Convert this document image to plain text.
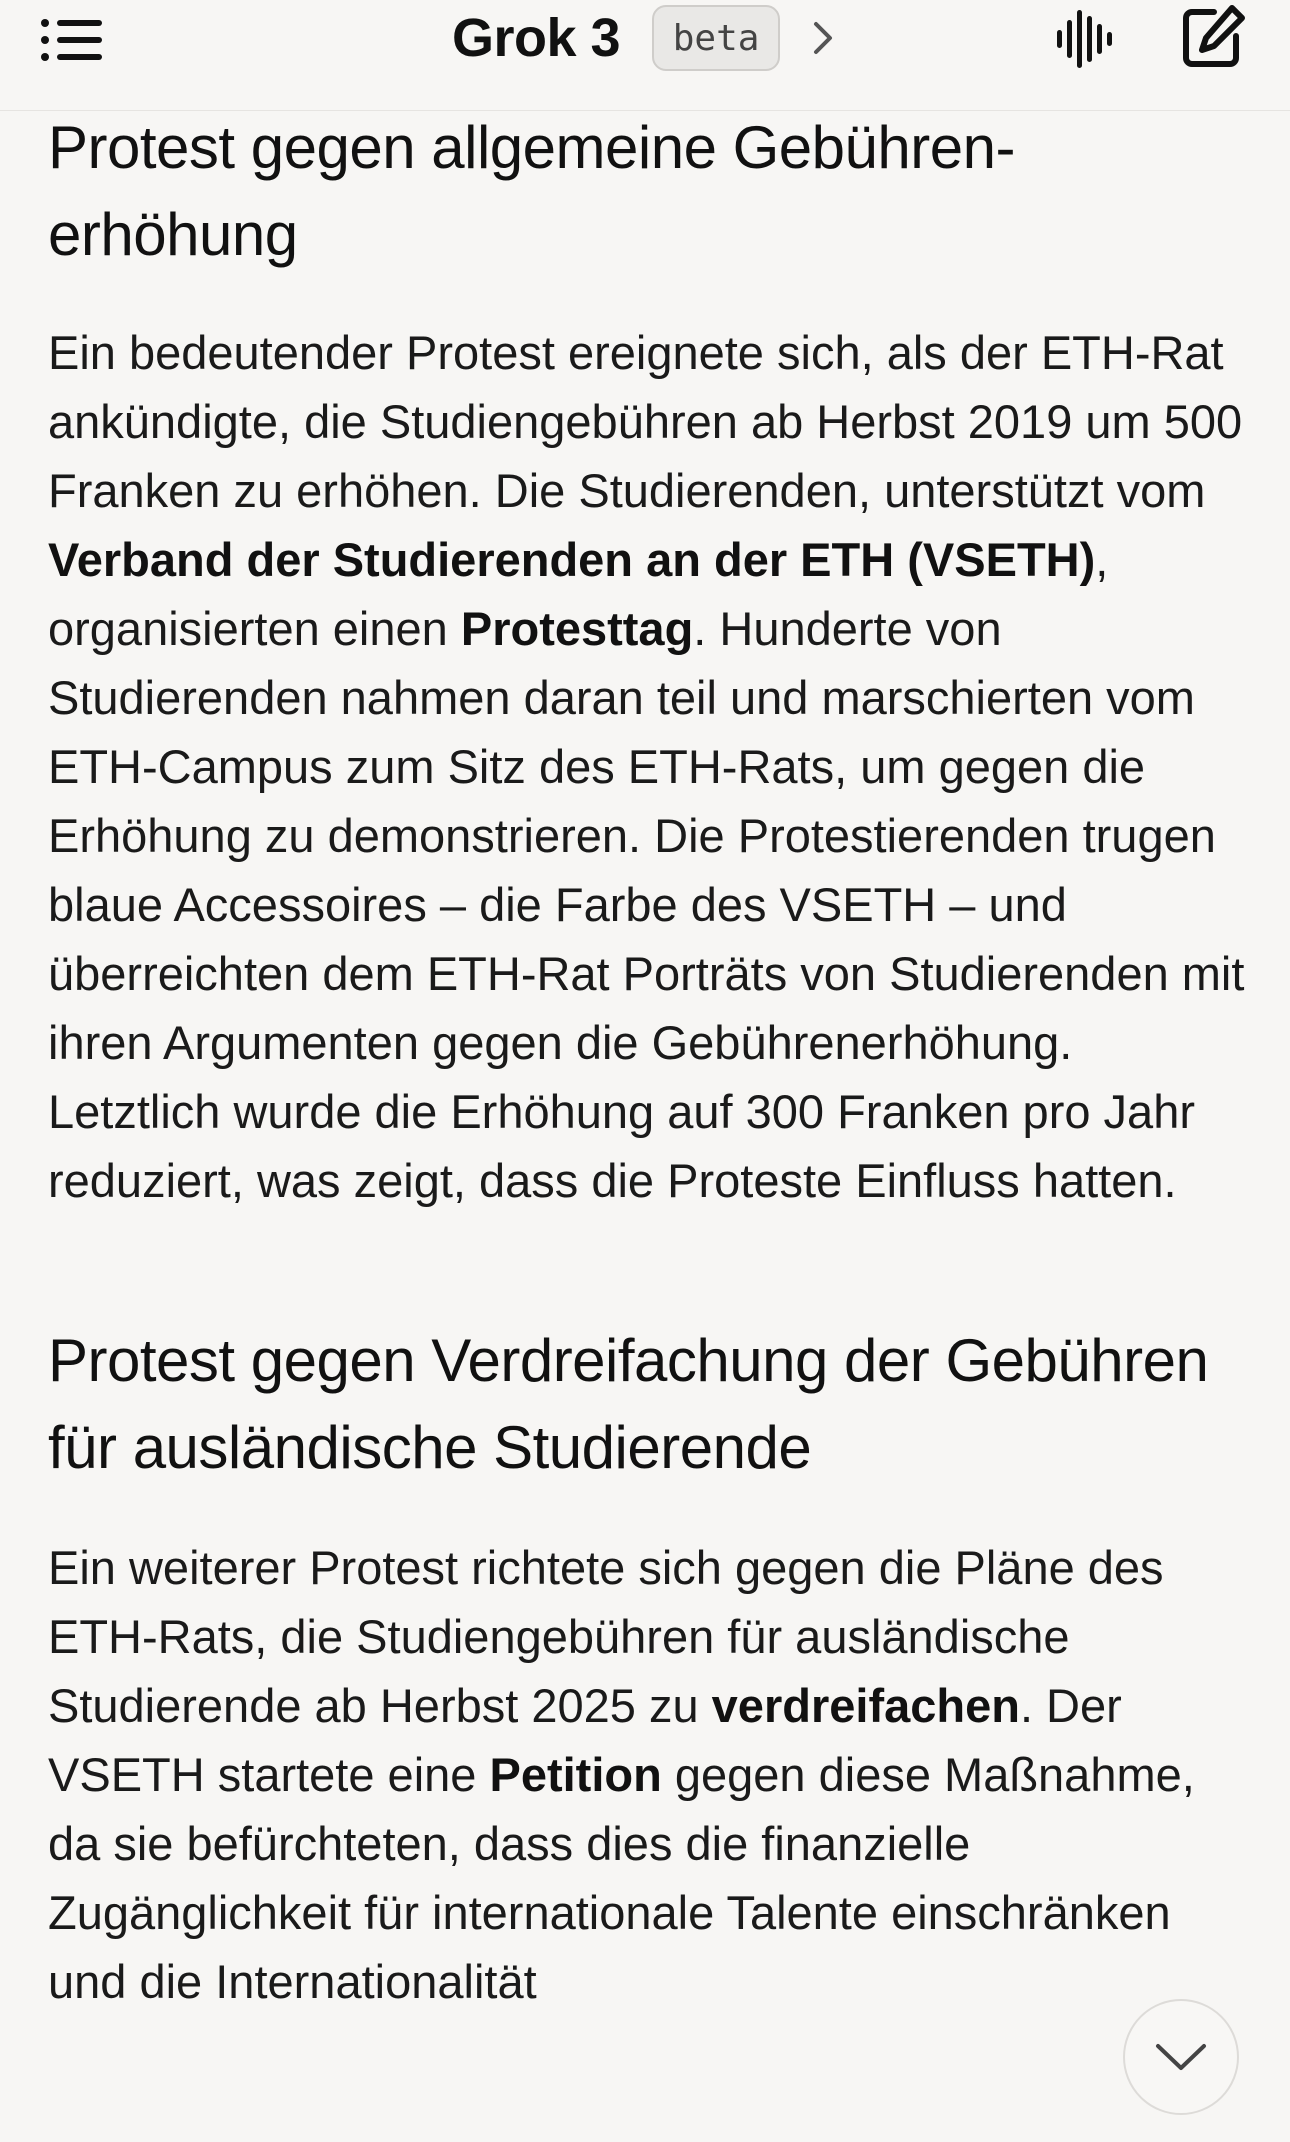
Grok 3	beta
Protest gegen allgemeine Gebühren-erhöhung

Ein bedeutender Protest ereignete sich, als der ETH-Rat ankündigte, die Studiengebühren ab Herbst 2019 um 500 Franken zu erhöhen. Die Studierenden, unterstützt vom Verband der Studierenden an der ETH (VSETH), organisierten einen Protesttag. Hunderte von Studierenden nahmen daran teil und marschierten vom ETH-Campus zum Sitz des ETH-Rats, um gegen die Erhöhung zu demonstrieren. Die Protestierenden trugen blaue Accessoires – die Farbe des VSETH – und überreichten dem ETH-Rat Porträts von Studierenden mit ihren Argumenten gegen die Gebührenerhöhung. Letztlich wurde die Erhöhung auf 300 Franken pro Jahr reduziert, was zeigt, dass die Proteste Einfluss hatten.

Protest gegen Verdreifachung der Gebühren für ausländische Studierende

Ein weiterer Protest richtete sich gegen die Pläne des ETH-Rats, die Studiengebühren für ausländische Studierende ab Herbst 2025 zu verdreifachen. Der VSETH startete eine Petition gegen diese Maßnahme, da sie befürchteten, dass dies die finanzielle Zugänglichkeit für internationale Talente einschränken und die Internationalität
